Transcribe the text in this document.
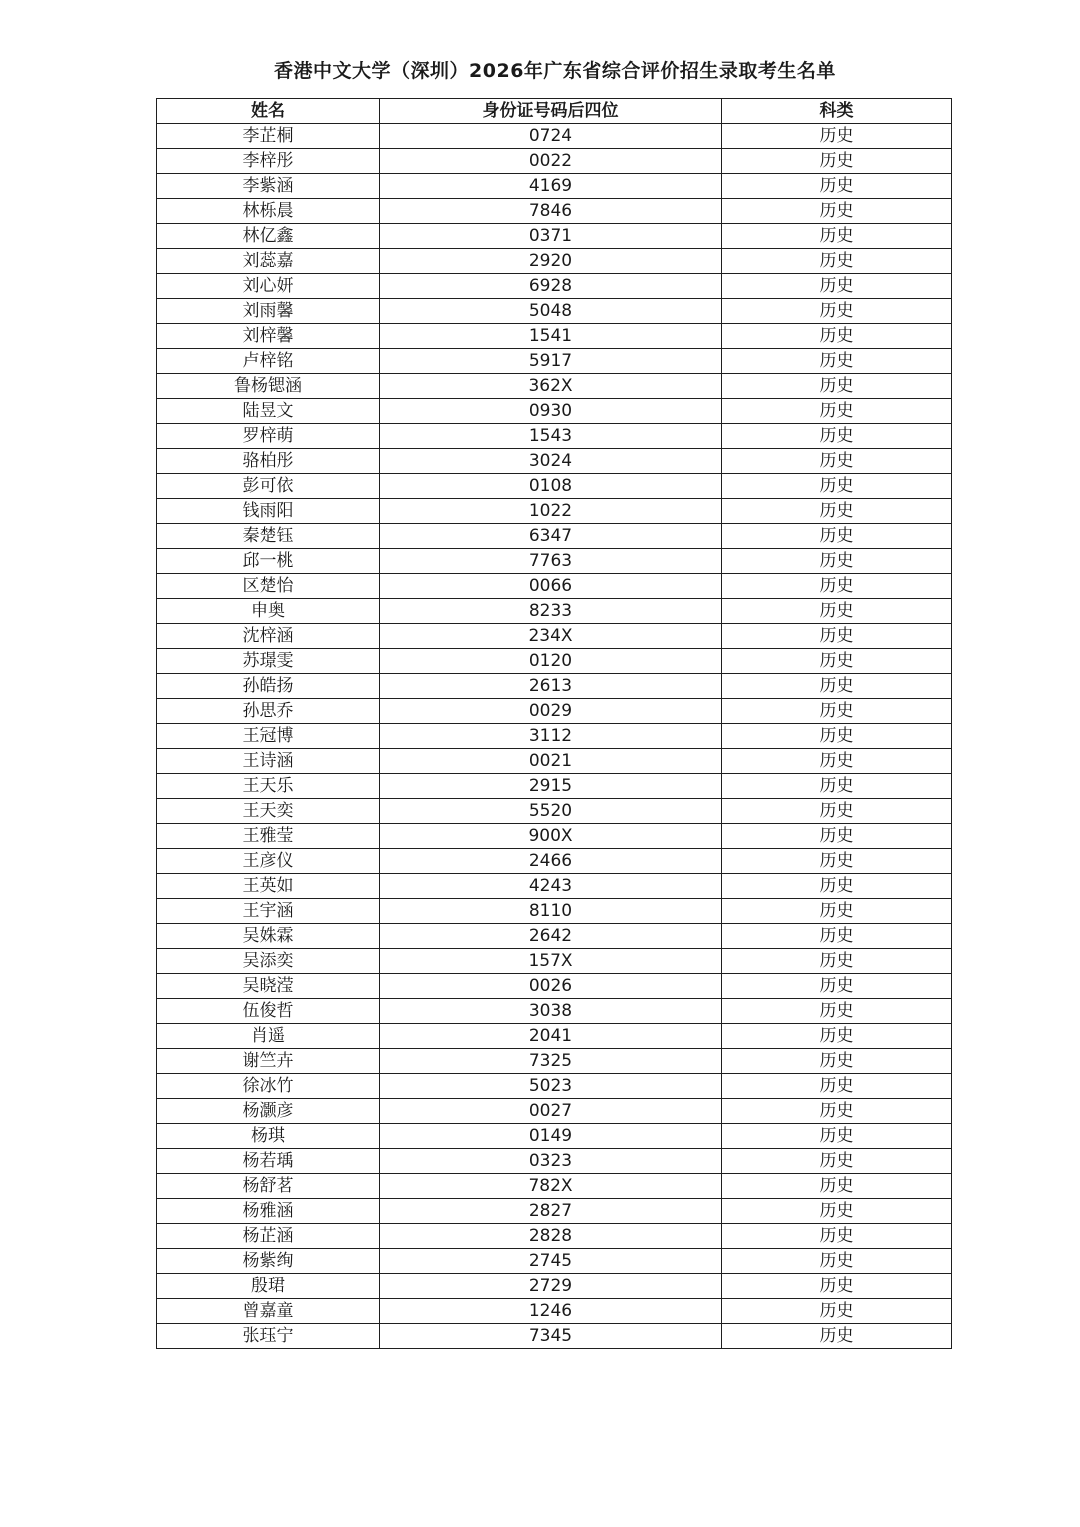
香港中文大学（深圳）2026年广东省综合评价招生录取考生名单
姓名	身份证号码后四位	科类
李芷桐	0724	历史
李梓彤	0022	历史
李紫涵	4169	历史
林栎晨	7846	历史
林亿鑫	0371	历史
刘蕊嘉	2920	历史
刘心妍	6928	历史
刘雨馨	5048	历史
刘梓馨	1541	历史
卢梓铭	5917	历史
鲁杨锶涵	362X	历史
陆昱文	0930	历史
罗梓萌	1543	历史
骆柏彤	3024	历史
彭可依	0108	历史
钱雨阳	1022	历史
秦楚钰	6347	历史
邱一桃	7763	历史
区楚怡	0066	历史
申奥	8233	历史
沈梓涵	234X	历史
苏璟雯	0120	历史
孙皓扬	2613	历史
孙思乔	0029	历史
王冠博	3112	历史
王诗涵	0021	历史
王天乐	2915	历史
王天奕	5520	历史
王雅莹	900X	历史
王彦仪	2466	历史
王英如	4243	历史
王宇涵	8110	历史
吴姝霖	2642	历史
吴添奕	157X	历史
吴晓滢	0026	历史
伍俊哲	3038	历史
肖遥	2041	历史
谢竺卉	7325	历史
徐冰竹	5023	历史
杨灏彦	0027	历史
杨琪	0149	历史
杨若瑀	0323	历史
杨舒茗	782X	历史
杨雅涵	2827	历史
杨芷涵	2828	历史
杨紫绚	2745	历史
殷珺	2729	历史
曾嘉童	1246	历史
张珏宁	7345	历史
